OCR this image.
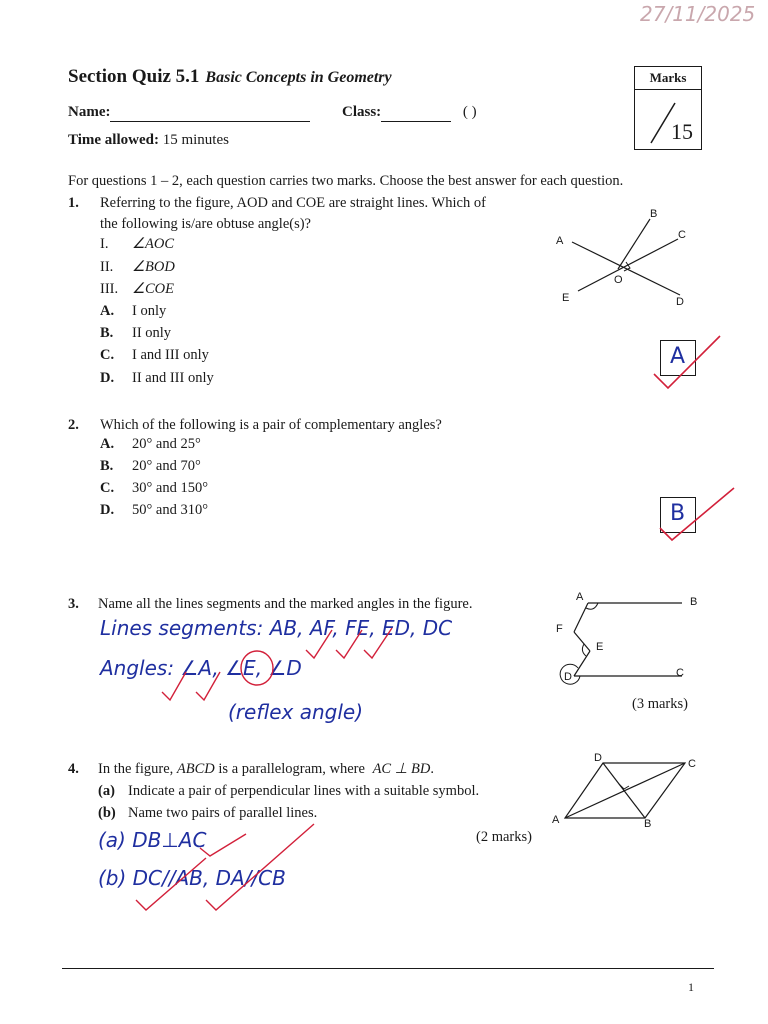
27/11/2025
Section Quiz 5.1 Basic Concepts in Geometry
Name:	Class:	( )
Time allowed: 15 minutes
Marks
15
For questions 1 – 2, each question carries two marks. Choose the best answer for each question.
1. Referring to the figure, AOD and COE are straight lines. Which of
the following is/are obtuse angle(s)?
I. ∠AOC
II. ∠BOD
III. ∠COE
A. I only
B. II only
C. I and III only
D. II and III only
A
B
C
D
E
O
A
2. Which of the following is a pair of complementary angles?
A. 20° and 25°
B. 20° and 70°
C. 30° and 150°
D. 50° and 310°	B
3. Name all the lines segments and the marked angles in the figure.	A	B
F
E
C
D
(3 marks)
Lines segments: AB, AF, FE, ED, DC
Angles: ∠A, ∠E, ∠D
(reflex angle)
4. In the figure, ABCD is a parallelogram, where AC ⊥ BD.
(a) Indicate a pair of perpendicular lines with a suitable symbol.
(b) Name two pairs of parallel lines.
(2 marks)
D	C
A	B
(a) DB⊥AC
(b) DC//AB, DA//CB
1
